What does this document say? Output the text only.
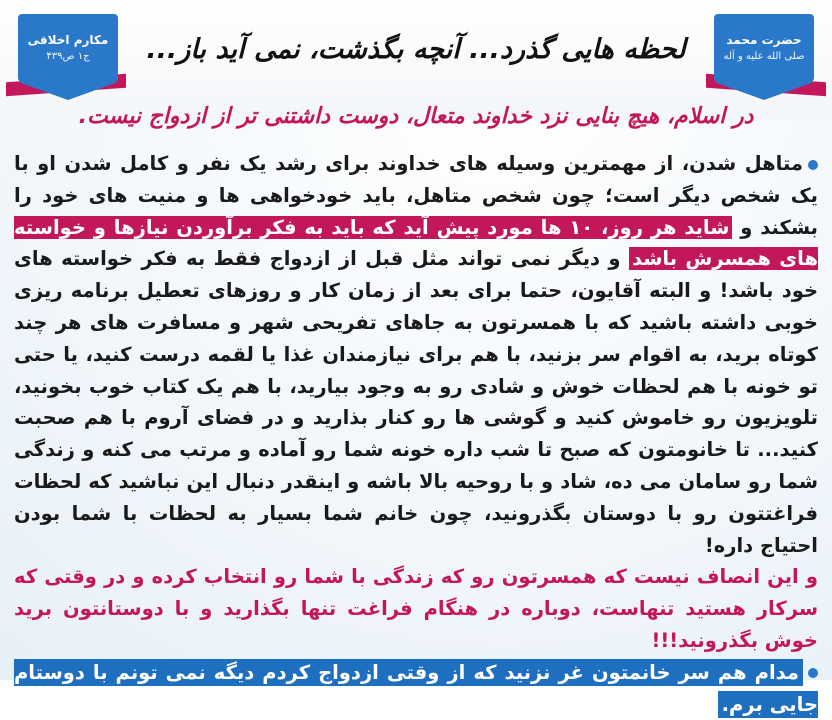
مکارم اخلاقی
ج۱ ص۴۳۹
حضرت محمد
صلی الله علیه و آله
لحظه هایی گذرد... آنچه بگذشت، نمی آید باز...
در اسلام، هیچ بنایی نزد خداوند متعال، دوست داشتنی تر از ازدواج نیست.

متاهل شدن، از مهمترین وسیله های خداوند برای رشد یک نفر و کامل شدن او با یک شخص دیگر است؛ چون شخص متاهل، باید خودخواهی ها و منیت های خود را بشکند و شاید هر روز، ۱۰ ها مورد پیش آید که باید به فکر برآوردن نیازها و خواسته های همسرش باشد و دیگر نمی تواند مثل قبل از ازدواج فقط به فکر خواسته های خود باشد! و البته آقایون، حتما برای بعد از زمان کار و روزهای تعطیل برنامه ریزی خوبی داشته باشید که با همسرتون به جاهای تفریحی شهر و مسافرت های هر چند کوتاه برید، به اقوام سر بزنید، با هم برای نیازمندان غذا یا لقمه درست کنید، یا حتی تو خونه با هم لحظات خوش و شادی رو به وجود بیارید، با هم یک کتاب خوب بخونید، تلویزیون رو خاموش کنید و گوشی ها رو کنار بذارید و در فضای آروم با هم صحبت کنید... تا خانومتون که صبح تا شب داره خونه شما رو آماده و مرتب می کنه و زندگی شما رو سامان می ده، شاد و با روحیه بالا باشه و اینقدر دنبال این نباشید که لحظات فراغتتون رو با دوستان بگذرونید، چون خانم شما بسیار به لحظات با شما بودن احتیاج داره!

و این انصاف نیست که همسرتون رو که زندگی با شما رو انتخاب کرده و در وقتی که سرکار هستید تنهاست، دوباره در هنگام فراغت تنها بگذارید و با دوستانتون برید خوش بگذرونید!!!

مدام هم سر خانمتون غر نزنید که از وقتی ازدواج کردم دیگه نمی تونم با دوستام جایی برم.
